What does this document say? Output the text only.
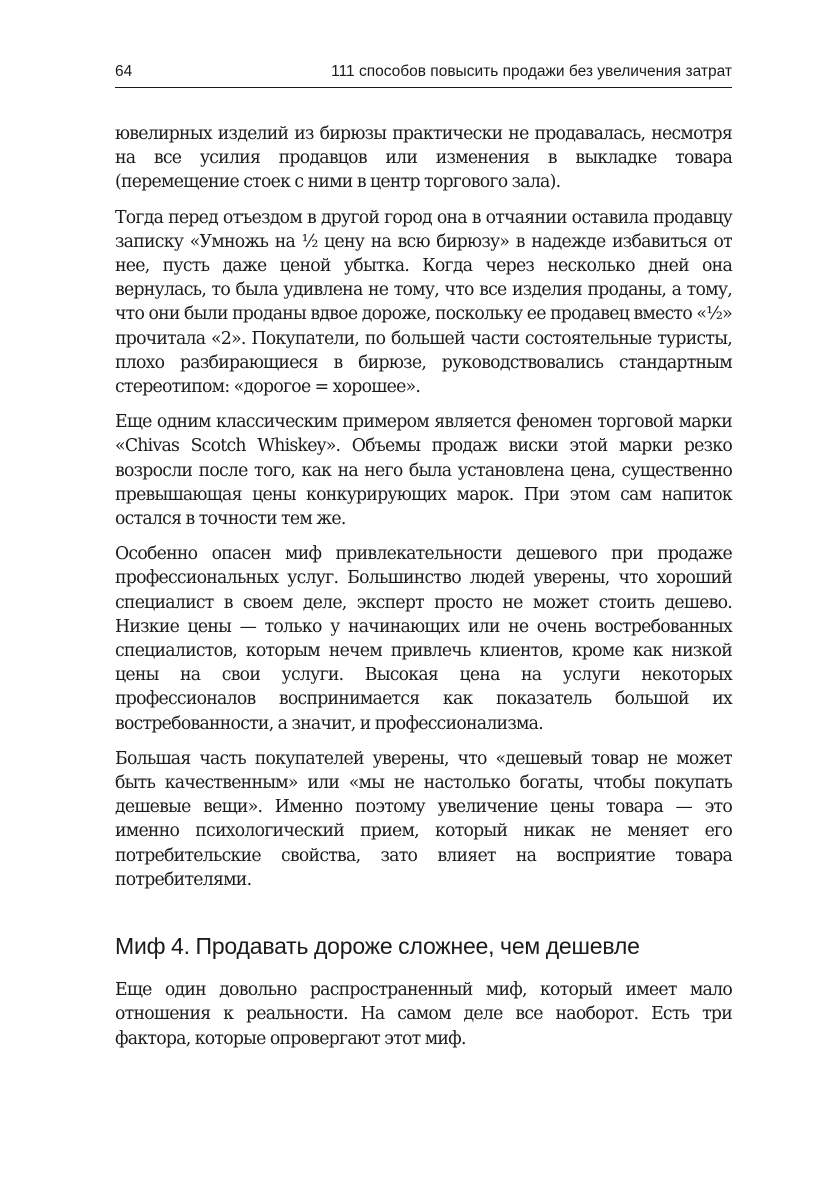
64	111 способов повысить продажи без увеличения затрат

ювелирных изделий из бирюзы практически не продавалась, несмотря на все усилия продавцов или изменения в выкладке товара (перемещение стоек с ними в центр торгового зала).

Тогда перед отъездом в другой город она в отчаянии оставила продавцу записку «Умножь на ½ цену на всю бирюзу» в надежде избавиться от нее, пусть даже ценой убытка. Когда через несколько дней она вернулась, то была удивлена не тому, что все изделия проданы, а тому, что они были проданы вдвое дороже, поскольку ее продавец вместо «½» прочитала «2». Покупатели, по большей части состоятельные туристы, плохо разбирающиеся в бирюзе, руководствовались стандартным стереотипом: «дорогое = хорошее».

Еще одним классическим примером является феномен торговой марки «Chivas Scotch Whiskey». Объемы продаж виски этой марки резко возросли после того, как на него была установлена цена, существенно превышающая цены конкурирующих марок. При этом сам напиток остался в точности тем же.

Особенно опасен миф привлекательности дешевого при продаже профессиональных услуг. Большинство людей уверены, что хороший специалист в своем деле, эксперт просто не может стоить дешево. Низкие цены — только у начинающих или не очень востребованных специалистов, которым нечем привлечь клиентов, кроме как низкой цены на свои услуги. Высокая цена на услуги некоторых профессионалов воспринимается как показатель большой их востребованности, а значит, и профессионализма.

Большая часть покупателей уверены, что «дешевый товар не может быть качественным» или «мы не настолько богаты, чтобы покупать дешевые вещи». Именно поэтому увеличение цены товара — это именно психологический прием, который никак не меняет его потребительские свойства, зато влияет на восприятие товара потребителями.

Миф 4. Продавать дороже сложнее, чем дешевле

Еще один довольно распространенный миф, который имеет мало отношения к реальности. На самом деле все наоборот. Есть три фактора, которые опровергают этот миф.
